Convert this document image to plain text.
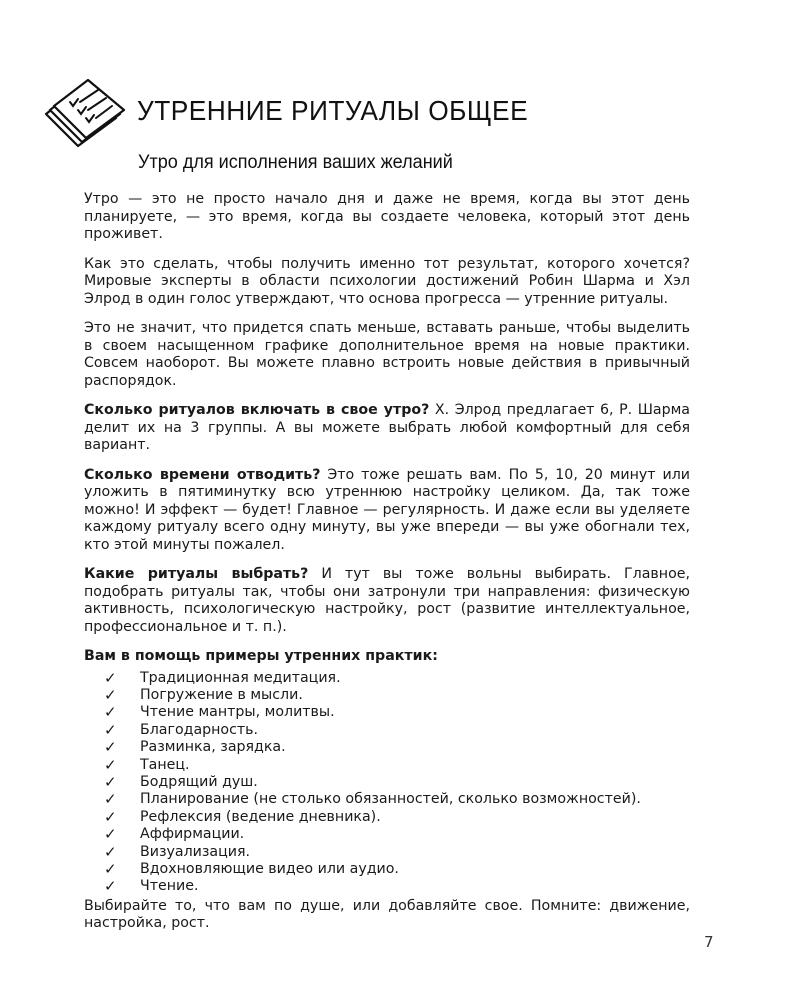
УТРЕННИЕ РИТУАЛЫ ОБЩЕЕ
Утро для исполнения ваших желаний

Утро — это не просто начало дня и даже не время, когда вы этот день планируете, — это время, когда вы создаете человека, который этот день проживет.

Как это сделать, чтобы получить именно тот результат, которого хочется? Мировые эксперты в области психологии достижений Робин Шарма и Хэл Элрод в один голос утверждают, что основа прогресса — утренние ритуалы.

Это не значит, что придется спать меньше, вставать раньше, чтобы выделить в своем насыщенном графике дополнительное время на новые практики. Совсем наоборот. Вы можете плавно встроить новые действия в привычный распорядок.

Сколько ритуалов включать в свое утро? Х. Элрод предлагает 6, Р. Шарма делит их на 3 группы. А вы можете выбрать любой комфортный для себя вариант.

Сколько времени отводить? Это тоже решать вам. По 5, 10, 20 минут или уложить в пятиминутку всю утреннюю настройку целиком. Да, так тоже можно! И эффект — будет! Главное — регулярность. И даже если вы уделяете каждому ритуалу всего одну минуту, вы уже впереди — вы уже обогнали тех, кто этой минуты пожалел.

Какие ритуалы выбрать? И тут вы тоже вольны выбирать. Главное, подобрать ритуалы так, чтобы они затронули три направления: физическую активность, психологическую настройку, рост (развитие интеллектуальное, профессиональное и т. п.).

Вам в помощь примеры утренних практик:
✓ Традиционная медитация.
✓ Погружение в мысли.
✓ Чтение мантры, молитвы.
✓ Благодарность.
✓ Разминка, зарядка.
✓ Танец.
✓ Бодрящий душ.
✓ Планирование (не столько обязанностей, сколько возможностей).
✓ Рефлексия (ведение дневника).
✓ Аффирмации.
✓ Визуализация.
✓ Вдохновляющие видео или аудио.
✓ Чтение.

Выбирайте то, что вам по душе, или добавляйте свое. Помните: движение, настройка, рост.

7
